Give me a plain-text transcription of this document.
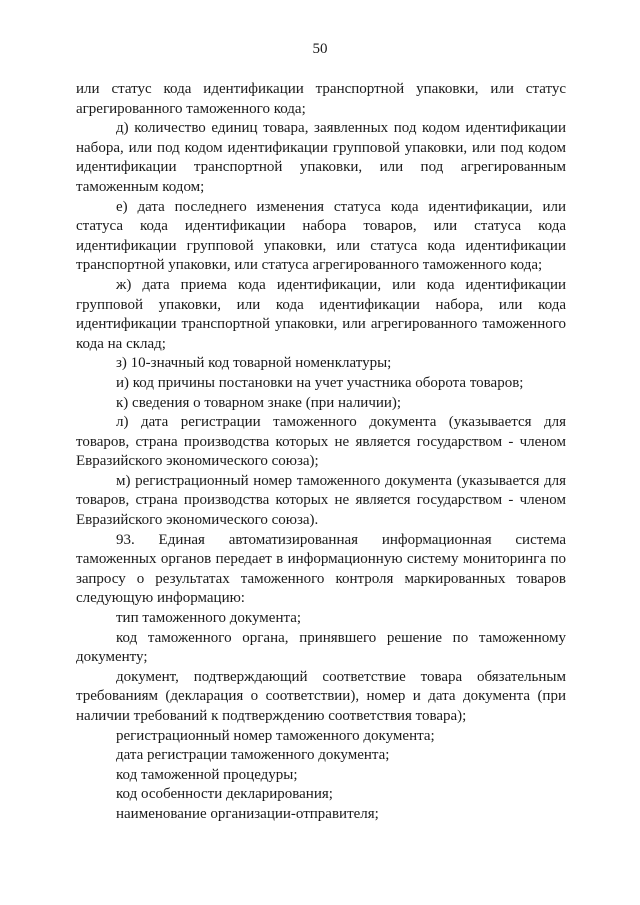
50

или статус кода идентификации транспортной упаковки, или статус агрегированного таможенного кода;

д) количество единиц товара, заявленных под кодом идентификации набора, или под кодом идентификации групповой упаковки, или под кодом идентификации транспортной упаковки, или под агрегированным таможенным кодом;

е) дата последнего изменения статуса кода идентификации, или статуса кода идентификации набора товаров, или статуса кода идентификации групповой упаковки, или статуса кода идентификации транспортной упаковки, или статуса агрегированного таможенного кода;

ж) дата приема кода идентификации, или кода идентификации групповой упаковки, или кода идентификации набора, или кода идентификации транспортной упаковки, или агрегированного таможенного кода на склад;

з) 10-значный код товарной номенклатуры;

и) код причины постановки на учет участника оборота товаров;

к) сведения о товарном знаке (при наличии);

л) дата регистрации таможенного документа (указывается для товаров, страна производства которых не является государством - членом Евразийского экономического союза);

м) регистрационный номер таможенного документа (указывается для товаров, страна производства которых не является государством - членом Евразийского экономического союза).

93. Единая автоматизированная информационная система таможенных органов передает в информационную систему мониторинга по запросу о результатах таможенного контроля маркированных товаров следующую информацию:

тип таможенного документа;

код таможенного органа, принявшего решение по таможенному документу;

документ, подтверждающий соответствие товара обязательным требованиям (декларация о соответствии), номер и дата документа (при наличии требований к подтверждению соответствия товара);

регистрационный номер таможенного документа;

дата регистрации таможенного документа;

код таможенной процедуры;

код особенности декларирования;

наименование организации-отправителя;
